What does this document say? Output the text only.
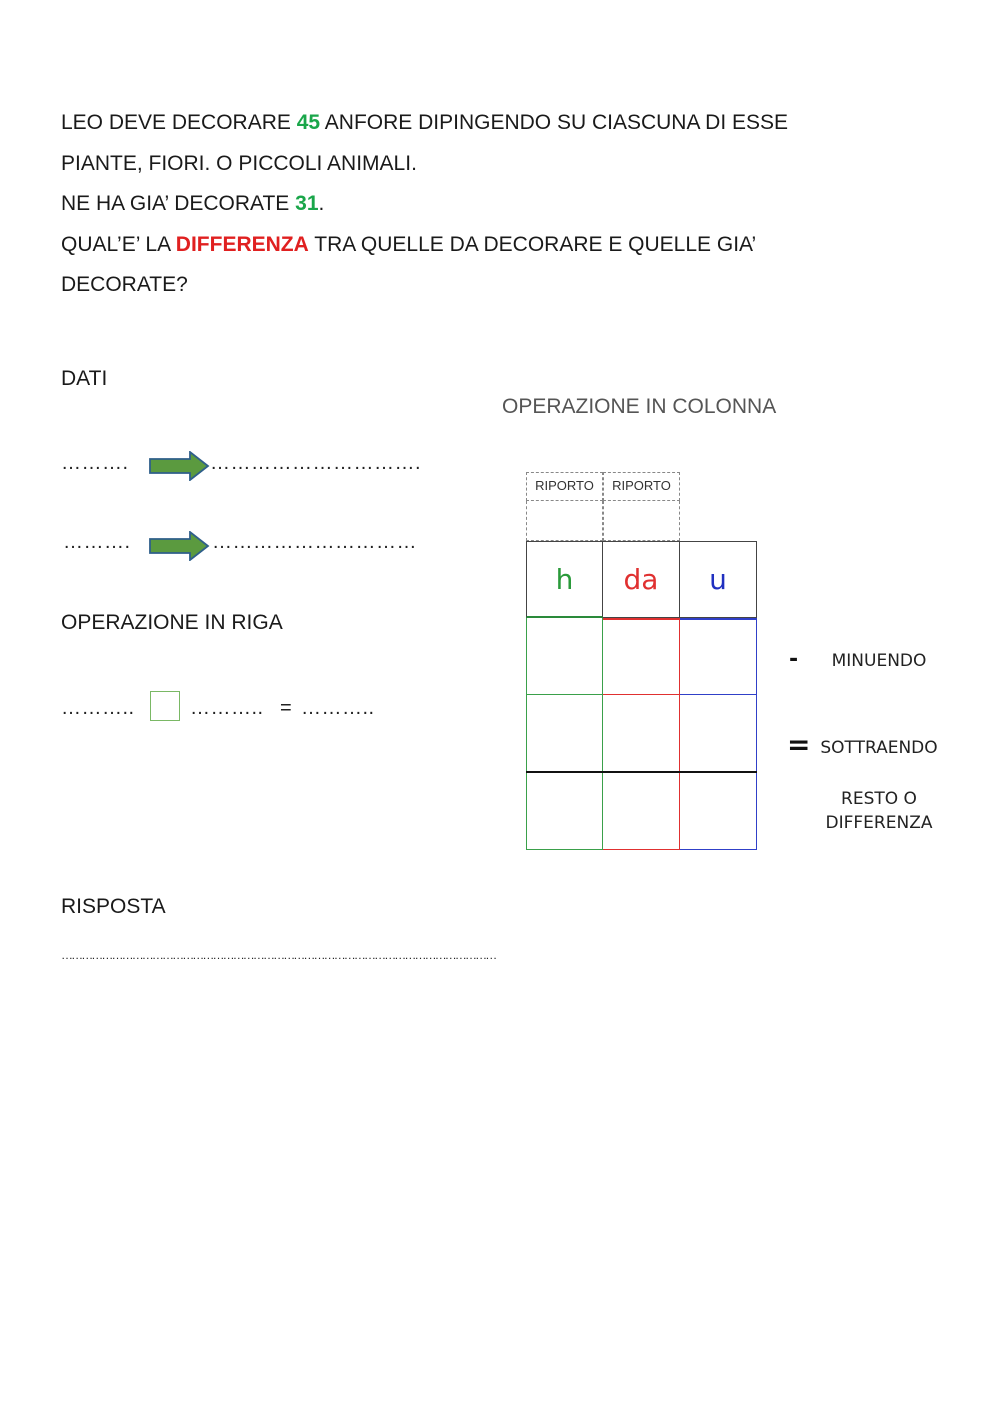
LEO DEVE DECORARE 45 ANFORE DIPINGENDO SU CIASCUNA DI ESSE

PIANTE, FIORI. O PICCOLI ANIMALI.

NE HA GIA’ DECORATE 31.

QUAL’E’ LA DIFFERENZA TRA QUELLE DA DECORARE E QUELLE GIA’

DECORATE?

DATI
……….	………………………….
……….	…………………………
OPERAZIONE IN RIGA
………..	……….. = ………..
OPERAZIONE IN COLONNA
RIPORTO	RIPORTO
h	da	u
-	MINUENDO
= SOTTRAENDO
RESTO O
DIFFERENZA
RISPOSTA
…………………………………………………………………………………………………………………
